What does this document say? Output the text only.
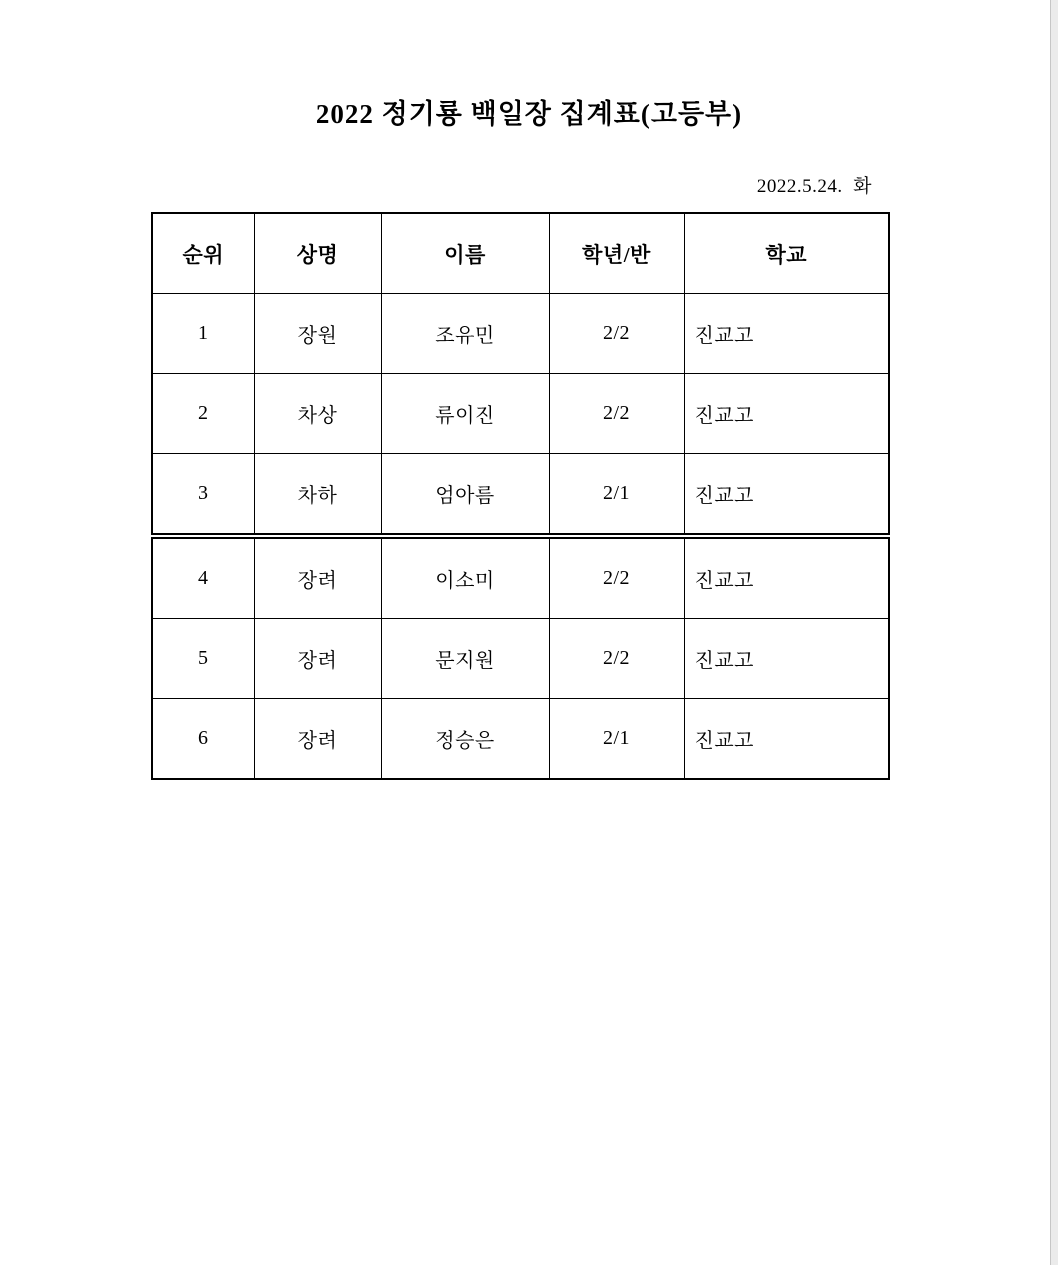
2022 정기룡 백일장 집계표(고등부)
2022.5.24.  화
순위	상명	이름	학년/반	학교
1	장원	조유민	2/2	진교고
2	차상	류이진	2/2	진교고
3	차하	엄아름	2/1	진교고
4	장려	이소미	2/2	진교고
5	장려	문지원	2/2	진교고
6	장려	정승은	2/1	진교고
